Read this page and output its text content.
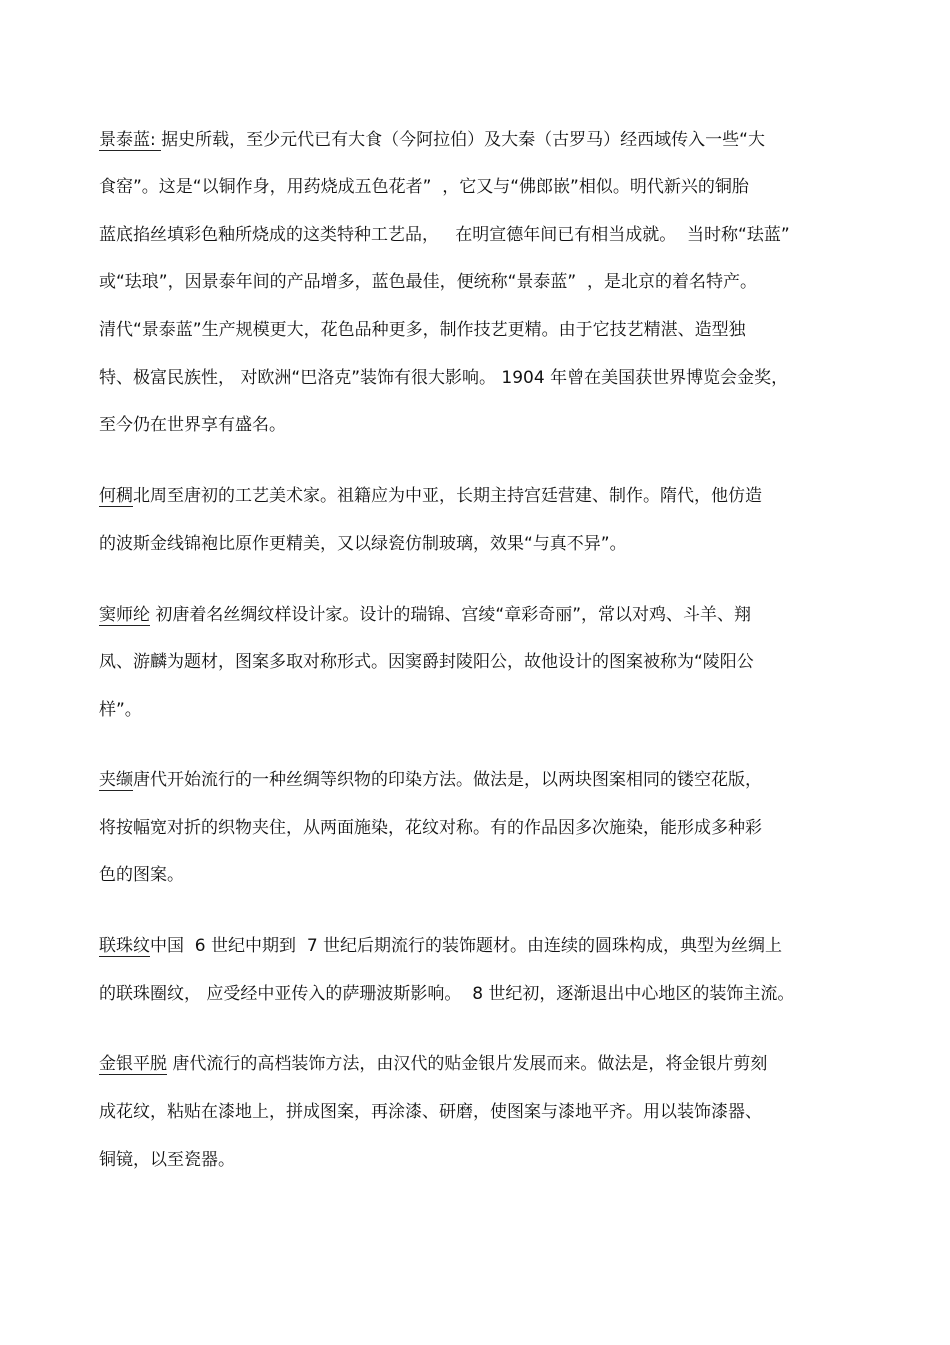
景泰蓝: 据史所载，至少元代已有大食（今阿拉伯）及大秦（古罗马）经西域传入一些“大
食窑”。这是“以铜作身，用药烧成五色花者”  ，它又与“佛郎嵌”相似。明代新兴的铜胎
蓝底掐丝填彩色釉所烧成的这类特种工艺品，   在明宣德年间已有相当成就。  当时称“珐蓝”
或“珐琅”，因景泰年间的产品增多，蓝色最佳，便统称“景泰蓝”  ，是北京的着名特产。
清代“景泰蓝”生产规模更大，花色品种更多，制作技艺更精。由于它技艺精湛、造型独
特、极富民族性， 对欧洲“巴洛克”装饰有很大影响。 1904 年曾在美国获世界博览会金奖，
至今仍在世界享有盛名。
何稠北周至唐初的工艺美术家。祖籍应为中亚，长期主持宫廷营建、制作。隋代，他仿造
的波斯金线锦袍比原作更精美，又以绿瓷仿制玻璃，效果“与真不异”。
窦师纶 初唐着名丝绸纹样设计家。设计的瑞锦、宫绫“章彩奇丽”，常以对鸡、斗羊、翔
凤、游麟为题材，图案多取对称形式。因窦爵封陵阳公，故他设计的图案被称为“陵阳公
样”。
夹缬唐代开始流行的一种丝绸等织物的印染方法。做法是，以两块图案相同的镂空花版，
将按幅宽对折的织物夹住，从两面施染，花纹对称。有的作品因多次施染，能形成多种彩
色的图案。
联珠纹中国  6 世纪中期到  7 世纪后期流行的装饰题材。由连续的圆珠构成，典型为丝绸上
的联珠圈纹， 应受经中亚传入的萨珊波斯影响。  8 世纪初，逐渐退出中心地区的装饰主流。
金银平脱 唐代流行的高档装饰方法，由汉代的贴金银片发展而来。做法是，将金银片剪刻
成花纹，粘贴在漆地上，拼成图案，再涂漆、研磨，使图案与漆地平齐。用以装饰漆器、
铜镜，以至瓷器。
